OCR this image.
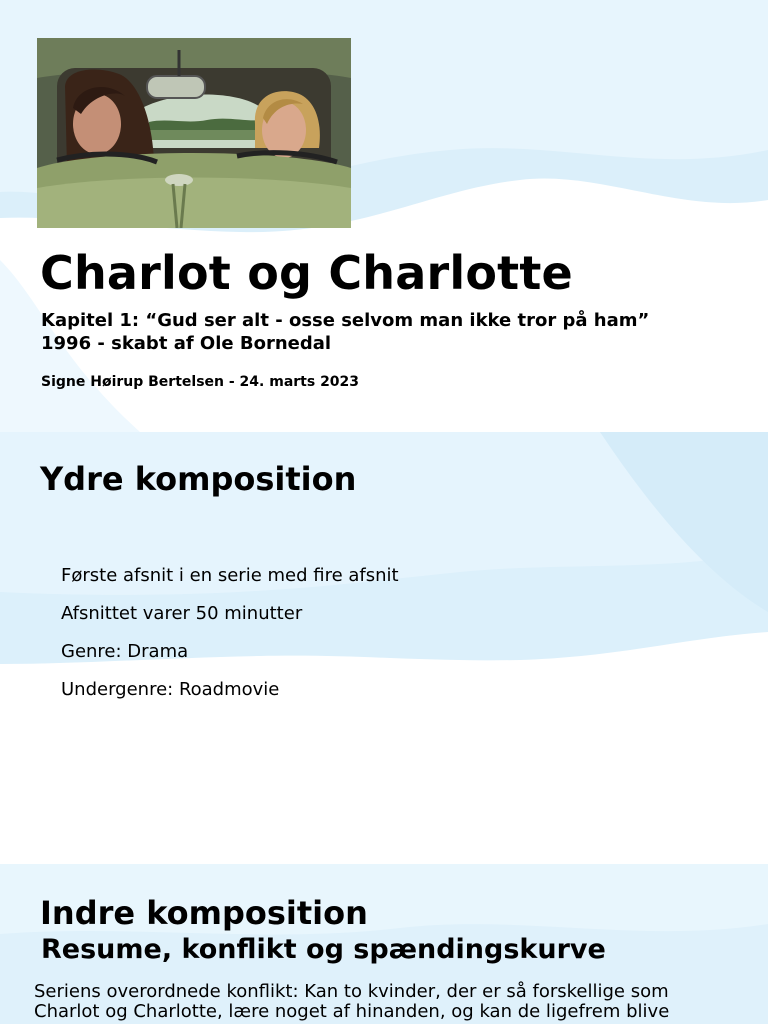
Charlot og Charlotte

Kapitel 1: “Gud ser alt - osse selvom man ikke tror på ham”
1996 - skabt af Ole Bornedal

Signe Høirup Bertelsen - 24. marts 2023

Ydre komposition
Første afsnit i en serie med fire afsnit
Afsnittet varer 50 minutter
Genre: Drama
Undergenre: Roadmovie
Indre komposition
Resume, konflikt og spændingskurve

Seriens overordnede konflikt: Kan to kvinder, der er så forskellige som Charlot og Charlotte, lære noget af hinanden, og kan de ligefrem blive
